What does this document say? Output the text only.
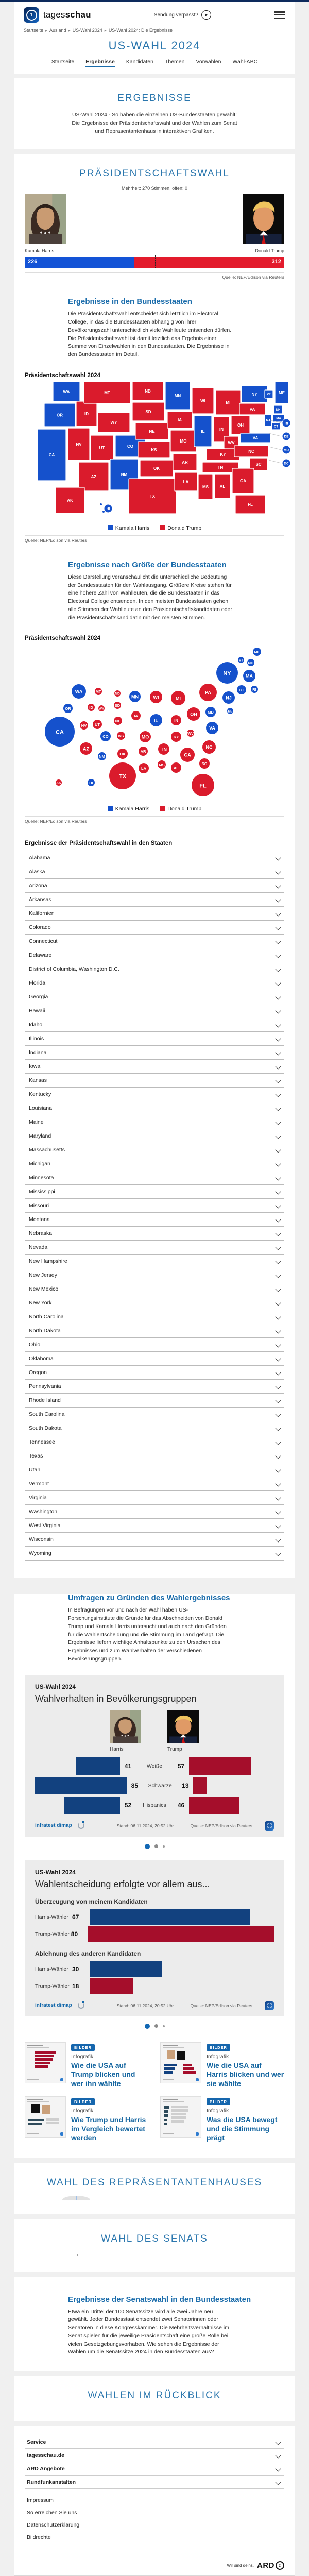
1	tagesschau	Sendung verpasst?	▶
Startseite ▸ Ausland ▸ US-Wahl 2024 ▸ US-Wahl 2024: Die Ergebnisse
US-WAHL 2024
Startseite Ergebnisse Kandidaten Themen Vorwahlen Wahl-ABC
ERGEBNISSE

US-Wahl 2024 - So haben die einzelnen US-Bundesstaaten gewählt: Die Ergebnisse der Präsidentschaftswahl und der Wahlen zum Senat und Repräsentantenhaus in interaktiven Grafiken.

PRÄSIDENTSCHAFTSWAHL
Mehrheit: 270 Stimmen, offen: 0
Kamala Harris	Donald Trump
226	312
Quelle: NEP/Edison via Reuters
Ergebnisse in den Bundesstaaten

Die Präsidentschaftswahl entscheidet sich letztlich im Electoral College, in das die Bundesstaaten abhängig von ihrer Bevölkerungszahl unterschiedlich viele Wahlleute entsenden dürfen. Die Präsidentschaftswahl ist damit letztlich das Ergebnis einer Summe von Einzelwahlen in den Bundesstaaten. Die Ergebnisse in den Bundesstaaten im Detail.

Präsidentschaftswahl 2024
WA
OR
CA
NV
ID
MT
WY
UT	CO
AZ	NM
ND
SD
NE
KS
OK
TX
MN
IA
MO
AR
LA
WI
IL
MI
IN
OH
WV
VA
KY
NC
TN
SC
MS	AL
GA
FL
PA
NY	ME
VT
NH
MA
CT
NJ
AK
RI
DE
MD
DC
HI
Kamala Harris	Donald Trump
Quelle: NEP/Edison via Reuters
Ergebnisse nach Größe der Bundesstaaten

Diese Darstellung veranschaulicht die unterschiedliche Bedeutung der Bundesstaaten für den Wahlausgang. Größere Kreise stehen für eine höhere Zahl von Wahlleuten, die die Bundesstaaten in das Electoral College entsenden. In den meisten Bundesstaaten gehen alle Stimmen der Wahlleute an den Präsidentschaftskandidaten oder die Präsidentschaftskandidatin mit den meisten Stimmen.

Präsidentschaftswahl 2024
WA
OR
CA
NV
ID
MT
WY
UT
AZ
NM
CO
ND
SD
NE
KS
OK
TX
MN
IA
MO
AR
LA
WI
IL
MI
IN
OH
KY
TN
MS
AL
GA
FL
SC
NC
VA
WV
PA
NY
NJ
MD	DE
CT RI
MA
VT NH
ME
AK	HI
Kamala Harris	Donald Trump
Quelle: NEP/Edison via Reuters
Ergebnisse der Präsidentschaftswahl in den Staaten
Alabama
Alaska
Arizona
Arkansas
Kalifornien
Colorado
Connecticut
Delaware
District of Columbia, Washington D.C.
Florida
Georgia
Hawaii
Idaho
Illinois
Indiana
Iowa
Kansas
Kentucky
Louisiana
Maine
Maryland
Massachusetts
Michigan
Minnesota
Mississippi
Missouri
Montana
Nebraska
Nevada
New Hampshire
New Jersey
New Mexico
New York
North Carolina
North Dakota
Ohio
Oklahoma
Oregon
Pennsylvania
Rhode Island
South Carolina
South Dakota
Tennessee
Texas
Utah
Vermont
Virginia
Washington
West Virginia
Wisconsin
Wyoming
Umfragen zu Gründen des Wahlergebnisses

In Befragungen vor und nach der Wahl haben US-Forschungsinstitute die Gründe für das Abschneiden von Donald Trump und Kamala Harris untersucht und auch nach den Gründen für die Wahlentscheidung und die Stimmung im Land gefragt. Die Ergebnisse liefern wichtige Anhaltspunkte zu den Ursachen des Ergebnisses und zum Wahlverhalten der verschiedenen Bevölkerungsgruppen.

US-Wahl 2024
Wahlverhalten in Bevölkerungsgruppen
Harris	Trump
41	Weiße	57
85	Schwarze	13
52	Hispanics	46
infratest dimap	Stand: 06.11.2024, 20:52 Uhr	Quelle: NEP/Edison via Reuters
US-Wahl 2024
Wahlentscheidung erfolgte vor allem aus...
Überzeugung von meinem Kandidaten
Harris-Wähler 67
Trump-Wähler 80
Ablehnung des anderen Kandidaten
Harris-Wähler 30
Trump-Wähler 18
infratest dimap	Stand: 06.11.2024, 20:52 Uhr	Quelle: NEP/Edison via Reuters
BILDER
Infografik
Wie die USA auf Trump blicken und wer ihn wählte
BILDER
Infografik
Wie die USA auf Harris blicken und wer sie wählte
BILDER
Infografik
Wie Trump und Harris im Vergleich bewertet werden
BILDER
Infografik
Was die USA bewegt und die Stimmung prägt
WAHL DES REPRÄSENTANTENHAUSES
WAHL DES SENATS
Ergebnisse der Senatswahl in den Bundesstaaten

Etwa ein Drittel der 100 Senatssitze wird alle zwei Jahre neu gewählt. Jeder Bundesstaat entsendet zwei Senatorinnen oder Senatoren in diese Kongresskammer. Die Mehrheitsverhältnisse im Senat spielen für die jeweilige Präsidentschaft eine große Rolle bei vielen Gesetzgebungsvorhaben. Wie sehen die Ergebnisse der Wahlen um die Senatssitze 2024 in den Bundesstaaten aus?

WAHLEN IM RÜCKBLICK
Service
tagesschau.de
ARD Angebote
Rundfunkanstalten
Impressum
So erreichen Sie uns
Datenschutzerklärung
Bildrechte
Wir sind deins. ARD 1
